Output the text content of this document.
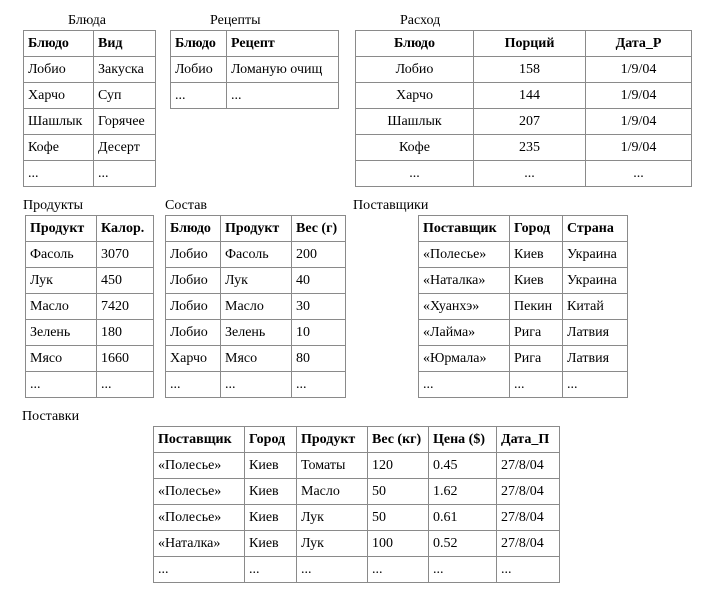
Блюда
Блюдо	Вид
Лобио	Закуска
Харчо	Суп
Шашлык	Горячее
Кофе	Десерт
...	...
Рецепты
Блюдо	Рецепт
Лобио	Ломаную очищ
...	...
Расход
Блюдо	Порций	Дата_Р
Лобио	158	1/9/04
Харчо	144	1/9/04
Шашлык	207	1/9/04
Кофе	235	1/9/04
...	...	...
Продукты
Продукт	Калор.
Фасоль	3070
Лук	450
Масло	7420
Зелень	180
Мясо	1660
...	...
Состав
Блюдо	Продукт	Вес (г)
Лобио	Фасоль	200
Лобио	Лук	40
Лобио	Масло	30
Лобио	Зелень	10
Харчо	Мясо	80
...	...	...
Поставщики
Поставщик	Город	Страна
«Полесье»	Киев	Украина
«Наталка»	Киев	Украина
«Хуанхэ»	Пекин	Китай
«Лайма»	Рига	Латвия
«Юрмала»	Рига	Латвия
...	...	...
Поставки
Поставщик	Город	Продукт	Вес (кг)	Цена ($)	Дата_П
«Полесье»	Киев	Томаты	120	0.45	27/8/04
«Полесье»	Киев	Масло	50	1.62	27/8/04
«Полесье»	Киев	Лук	50	0.61	27/8/04
«Наталка»	Киев	Лук	100	0.52	27/8/04
...	...	...	...	...	...
